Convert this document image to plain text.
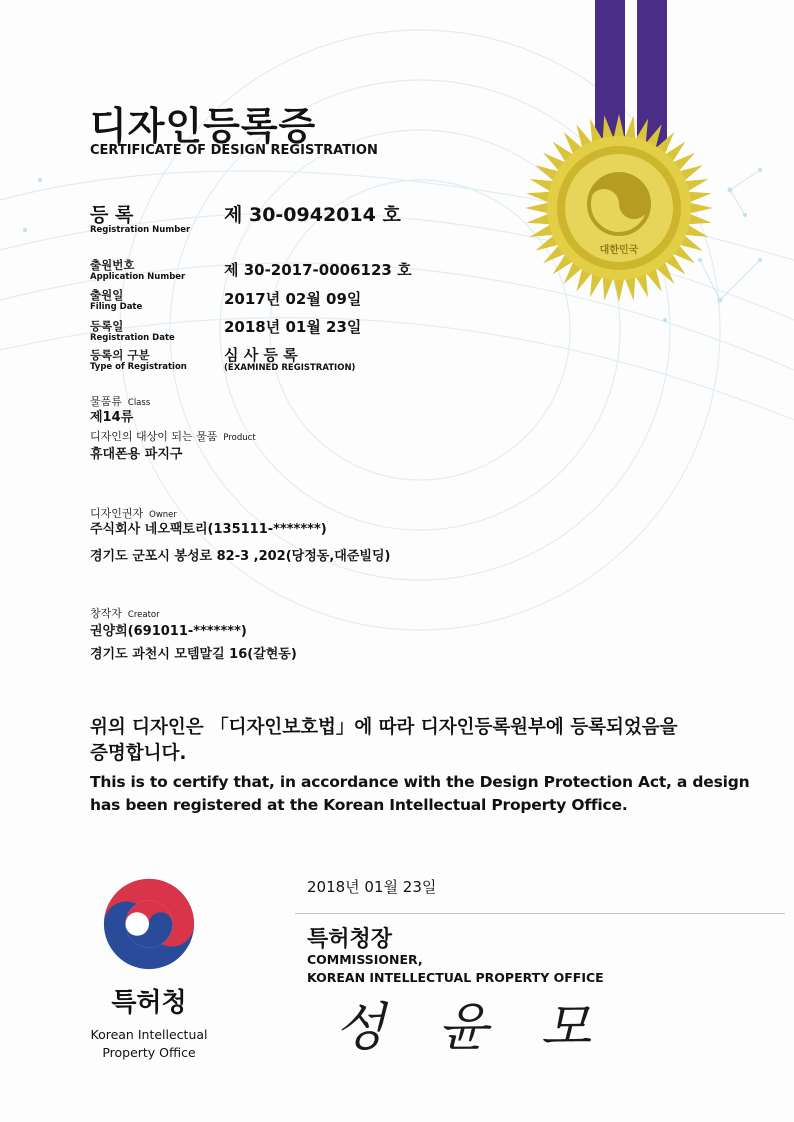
대한민국
디자인등록증
CERTIFICATE OF DESIGN REGISTRATION
등 록
Registration Number
제 30-0942014 호
출원번호
Application Number	제 30-2017-0006123 호
출원일
Filing Date	2017년 02월 09일
등록일
Registration Date
2018년 01월 23일
등록의 구분
Type of Registration
심 사 등 록
(EXAMINED REGISTRATION)
물품류 Class
제14류
디자인의 대상이 되는 물품 Product
휴대폰용 파지구
디자인권자 Owner
주식회사 네오팩토리(135111-*******)
경기도 군포시 봉성로 82-3 ,202(당정동,대준빌딩)
창작자 Creator
권양희(691011-*******)
경기도 과천시 모템말길 16(갈현동)
위의 디자인은 「디자인보호법」에 따라 디자인등록원부에 등록되었음을
증명합니다.
This is to certify that, in accordance with the Design Protection Act, a design
has been registered at the Korean Intellectual Property Office.
2018년 01월 23일
특허청장
COMMISSIONER,
KOREAN INTELLECTUAL PROPERTY OFFICE
성 윤 모
특허청
Korean Intellectual
Property Office
